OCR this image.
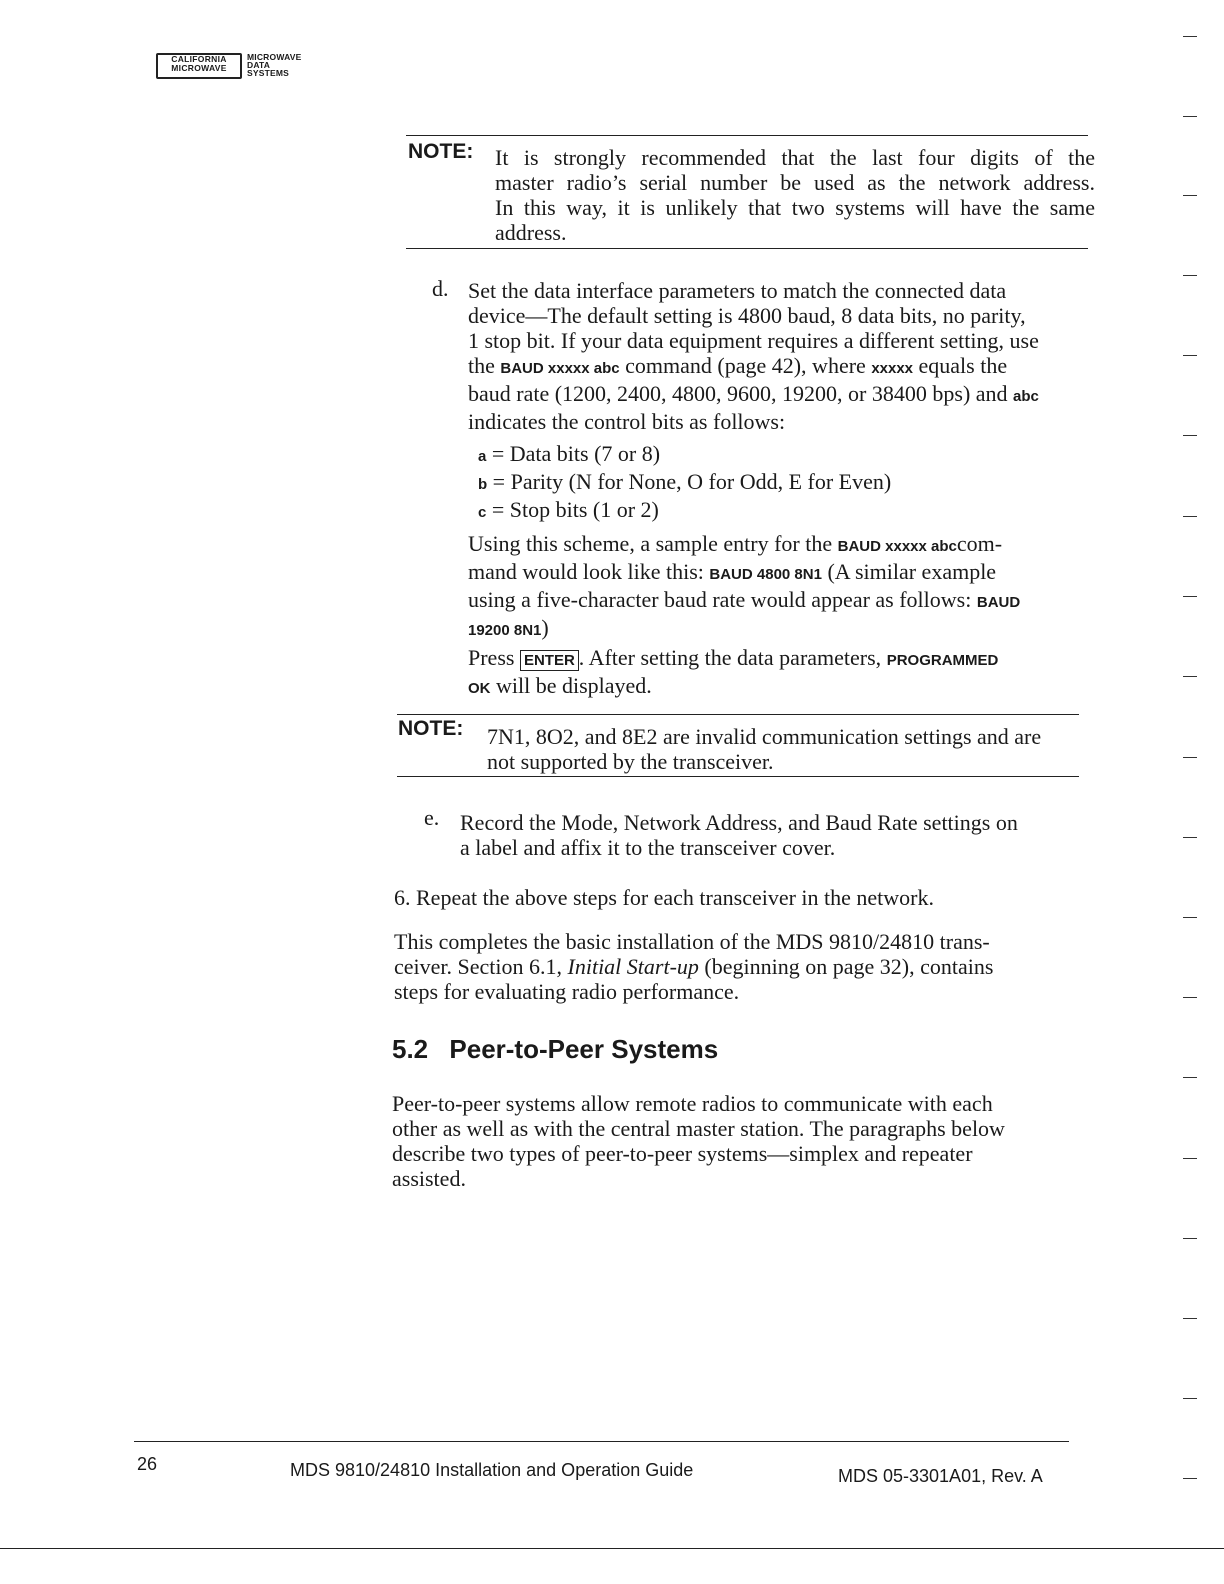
CALIFORNIA
MICROWAVE
MICROWAVE
DATA
SYSTEMS
NOTE: It is strongly recommended that the last four digits of the

master radio’s serial number be used as the network address.

In this way, it is unlikely that two systems will have the same

address.

d. Set the data interface parameters to match the connected data

device—The default setting is 4800 baud, 8 data bits, no parity,

1 stop bit. If your data equipment requires a different setting, use

the BAUD xxxxx abc command (page 42), where xxxxx equals the

baud rate (1200, 2400, 4800, 9600, 19200, or 38400 bps) and abc

indicates the control bits as follows:

a = Data bits (7 or 8)

b = Parity (N for None, O for Odd, E for Even)

c = Stop bits (1 or 2)

Using this scheme, a sample entry for the BAUD xxxxx abccom-

mand would look like this: BAUD 4800 8N1 (A similar example

using a five-character baud rate would appear as follows: BAUD

19200 8N1)

Press ENTER . After setting the data parameters, PROGRAMMED

OK will be displayed.

NOTE: 7N1, 8O2, and 8E2 are invalid communication settings and are

not supported by the transceiver.

e. Record the Mode, Network Address, and Baud Rate settings on

a label and affix it to the transceiver cover.

6. Repeat the above steps for each transceiver in the network.

This completes the basic installation of the MDS 9810/24810 trans-

ceiver. Section 6.1, Initial Start-up (beginning on page 32), contains

steps for evaluating radio performance.

5.2 Peer-to-Peer Systems

Peer-to-peer systems allow remote radios to communicate with each

other as well as with the central master station. The paragraphs below

describe two types of peer-to-peer systems—simplex and repeater

assisted.

26	MDS 9810/24810 Installation and Operation Guide	MDS 05-3301A01, Rev. A
